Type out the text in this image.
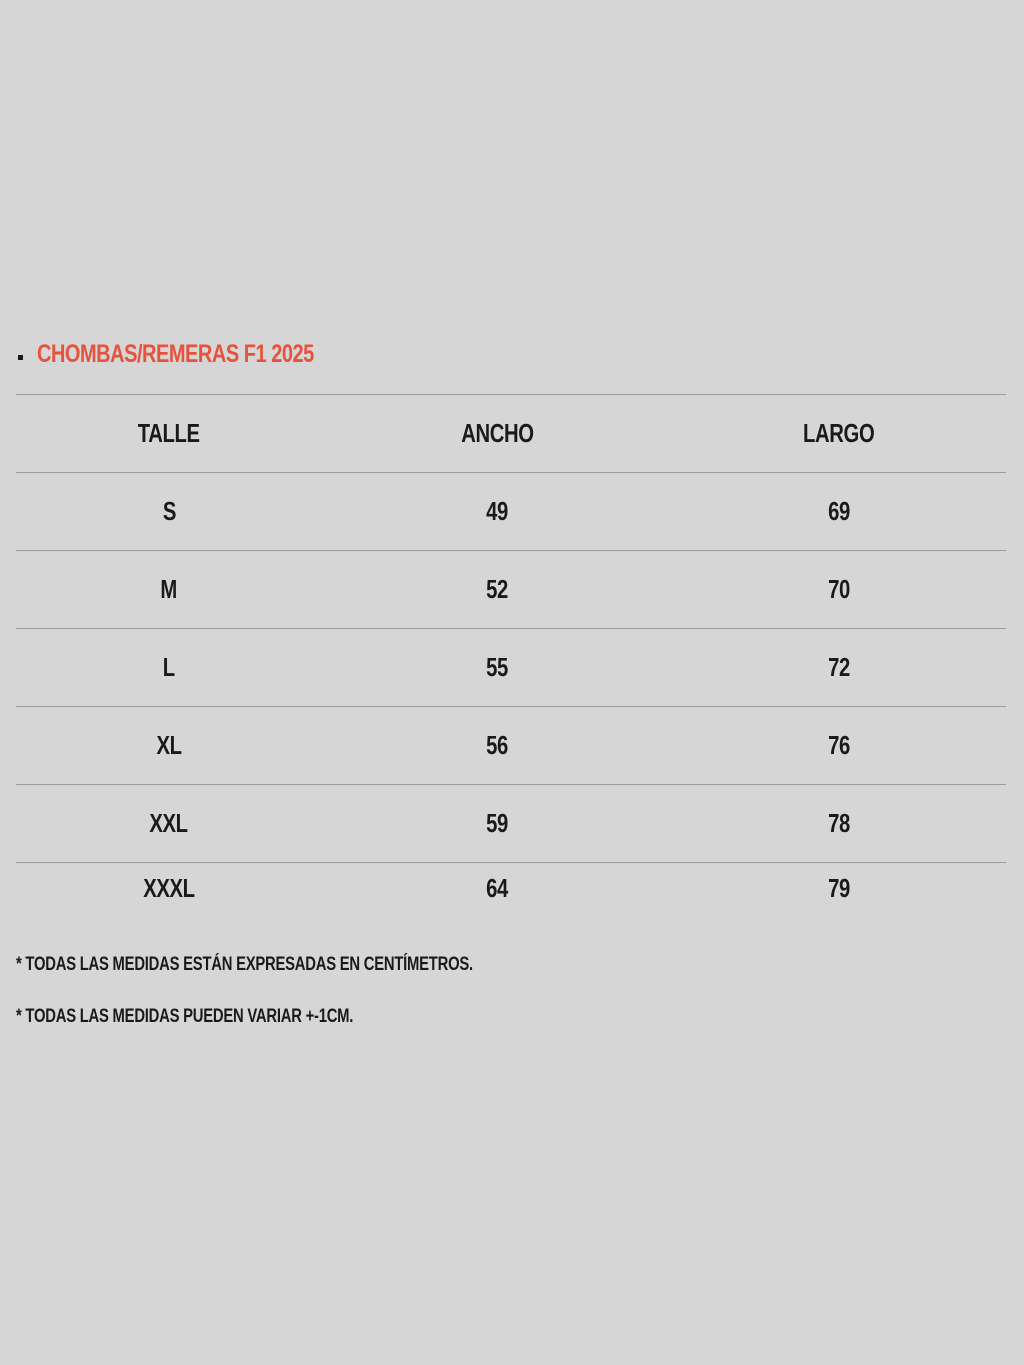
CHOMBAS/REMERAS F1 2025
TALLE	ANCHO	LARGO
S	49	69
M	52	70
L	55	72
XL	56	76
XXL	59	78
XXXL	64	79
* TODAS LAS MEDIDAS ESTÁN EXPRESADAS EN CENTÍMETROS.
* TODAS LAS MEDIDAS PUEDEN VARIAR +-1CM.
